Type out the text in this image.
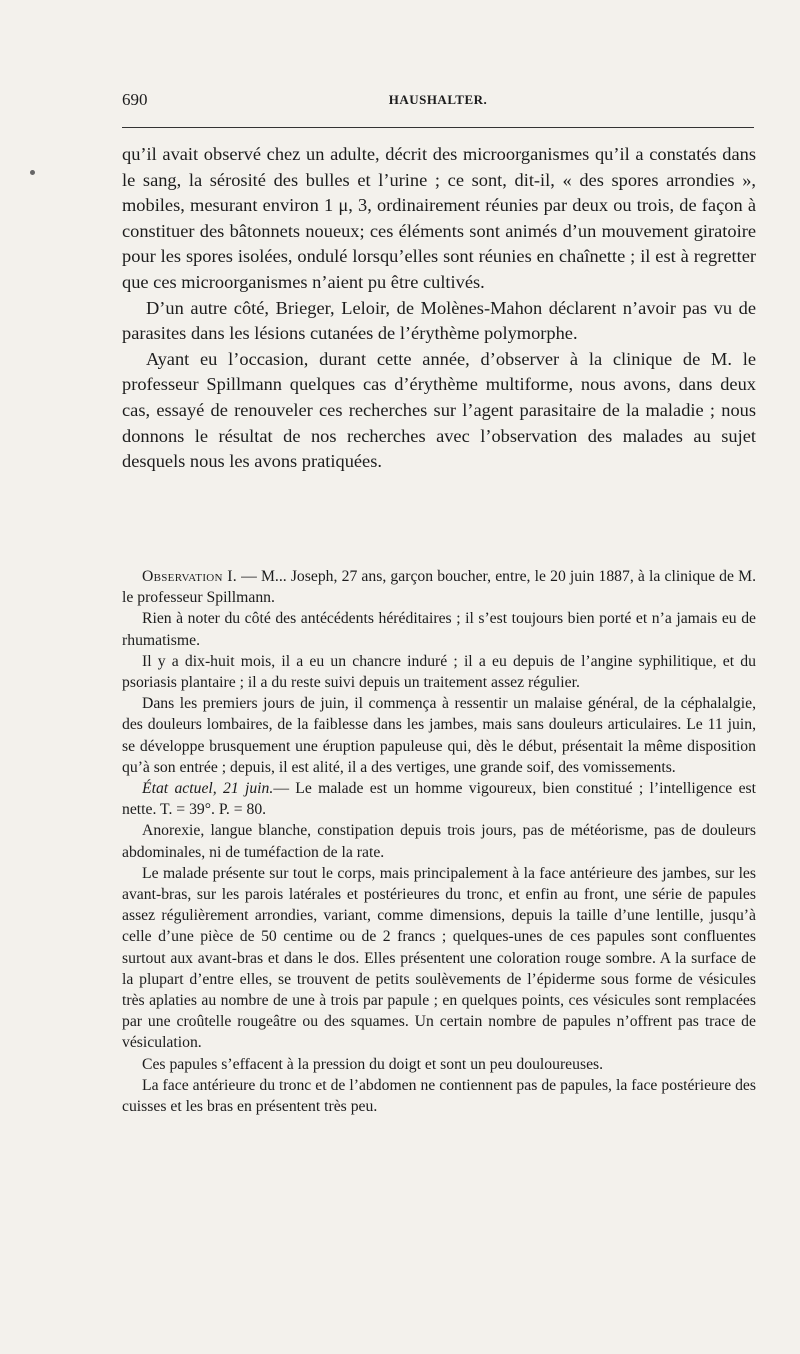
690	HAUSHALTER.

qu’il avait observé chez un adulte, décrit des microorganismes qu’il a constatés dans le sang, la sérosité des bulles et l’urine ; ce sont, dit-il, « des spores arrondies », mobiles, mesurant environ 1 μ, 3, ordinairement réunies par deux ou trois, de façon à constituer des bâtonnets noueux; ces éléments sont animés d’un mouvement giratoire pour les spores isolées, ondulé lorsqu’elles sont réunies en chaînette ; il est à regretter que ces microorganismes n’aient pu être cultivés.

D’un autre côté, Brieger, Leloir, de Molènes-Mahon déclarent n’avoir pas vu de parasites dans les lésions cutanées de l’érythème polymorphe.

Ayant eu l’occasion, durant cette année, d’observer à la clinique de M. le professeur Spillmann quelques cas d’érythème multiforme, nous avons, dans deux cas, essayé de renouveler ces recherches sur l’agent parasitaire de la maladie ; nous donnons le résultat de nos recherches avec l’observation des malades au sujet desquels nous les avons pratiquées.

Observation I. — M... Joseph, 27 ans, garçon boucher, entre, le 20 juin 1887, à la clinique de M. le professeur Spillmann.

Rien à noter du côté des antécédents héréditaires ; il s’est toujours bien porté et n’a jamais eu de rhumatisme.

Il y a dix-huit mois, il a eu un chancre induré ; il a eu depuis de l’angine syphilitique, et du psoriasis plantaire ; il a du reste suivi depuis un traitement assez régulier.

Dans les premiers jours de juin, il commença à ressentir un malaise général, de la céphalalgie, des douleurs lombaires, de la faiblesse dans les jambes, mais sans douleurs articulaires. Le 11 juin, se développe brusquement une éruption papuleuse qui, dès le début, présentait la même disposition qu’à son entrée ; depuis, il est alité, il a des vertiges, une grande soif, des vomissements.

État actuel, 21 juin.— Le malade est un homme vigoureux, bien constitué ; l’intelligence est nette. T. = 39°. P. = 80.

Anorexie, langue blanche, constipation depuis trois jours, pas de météorisme, pas de douleurs abdominales, ni de tuméfaction de la rate.

Le malade présente sur tout le corps, mais principalement à la face antérieure des jambes, sur les avant-bras, sur les parois latérales et postérieures du tronc, et enfin au front, une série de papules assez régulièrement arrondies, variant, comme dimensions, depuis la taille d’une lentille, jusqu’à celle d’une pièce de 50 centime ou de 2 francs ; quelques-unes de ces papules sont confluentes surtout aux avant-bras et dans le dos. Elles présentent une coloration rouge sombre. A la surface de la plupart d’entre elles, se trouvent de petits soulèvements de l’épiderme sous forme de vésicules très aplaties au nombre de une à trois par papule ; en quelques points, ces vésicules sont remplacées par une croûtelle rougeâtre ou des squames. Un certain nombre de papules n’offrent pas trace de vésiculation.

Ces papules s’effacent à la pression du doigt et sont un peu douloureuses.

La face antérieure du tronc et de l’abdomen ne contiennent pas de papules, la face postérieure des cuisses et les bras en présentent très peu.
